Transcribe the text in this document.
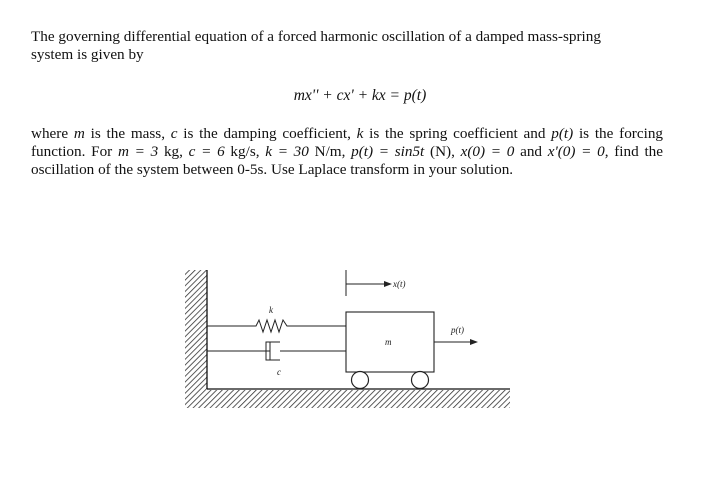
The governing differential equation of a forced harmonic oscillation of a damped mass-spring
system is given by
mx'' + cx' + kx = p(t)
where m is the mass, c is the damping coefficient, k is the spring coefficient and p(t) is the forcing function. For m = 3 kg, c = 6 kg/s, k = 30 N/m, p(t) = sin5t (N), x(0) = 0 and x'(0) = 0, find the oscillation of the system between 0-5s. Use Laplace transform in your solution.
k
c
m
x(t)
p(t)
